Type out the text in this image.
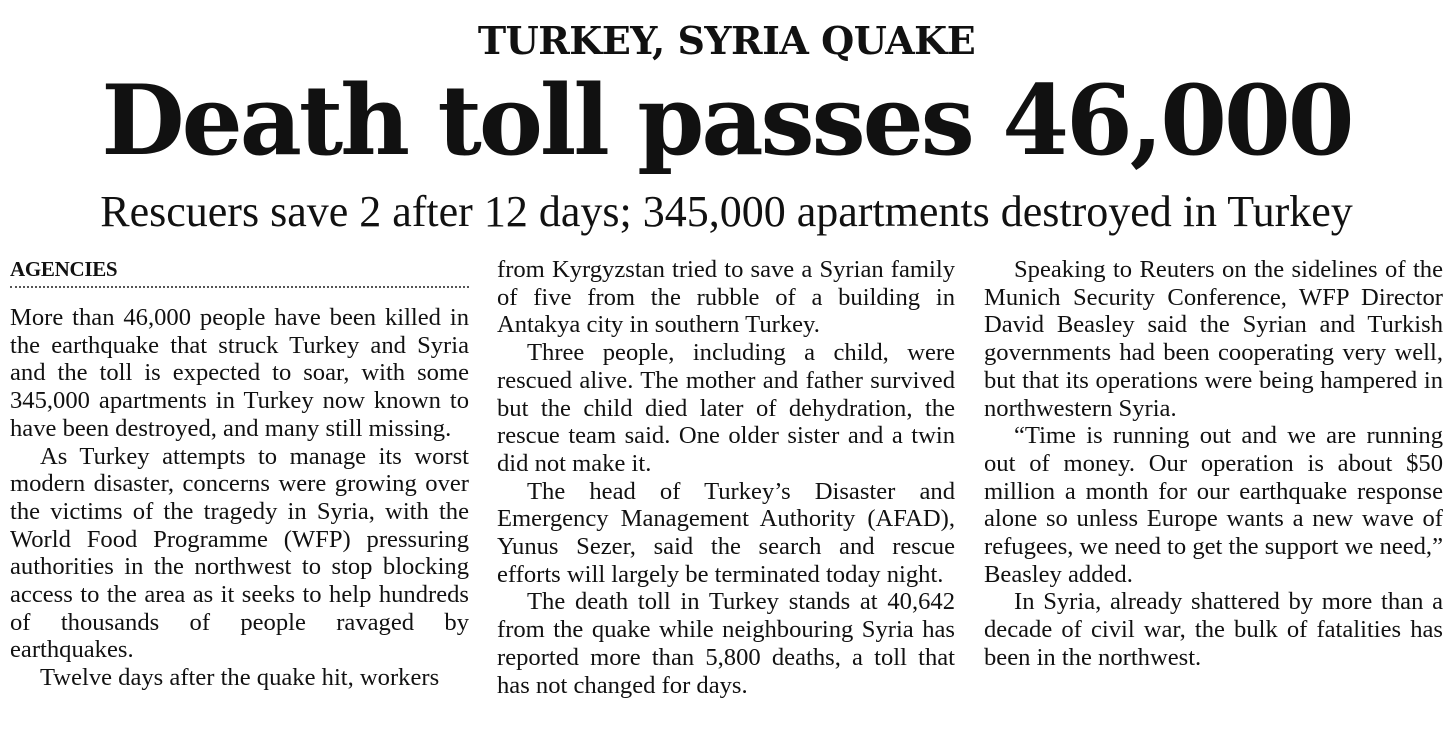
TURKEY, SYRIA QUAKE
Death toll passes 46,000
Rescuers save 2 after 12 days; 345,000 apartments destroyed in Turkey
AGENCIES

More than 46,000 people have been killed in the earthquake that struck Turkey and Syria and the toll is expected to soar, with some 345,000 apartments in Turkey now known to have been destroyed, and many still missing.

As Turkey attempts to manage its worst modern disaster, concerns were growing over the victims of the tragedy in Syria, with the World Food Programme (WFP) pressuring authorities in the northwest to stop blocking access to the area as it seeks to help hundreds of thousands of people ravaged by earthquakes.

Twelve days after the quake hit, workers

from Kyrgyzstan tried to save a Syrian family of five from the rubble of a building in Antakya city in southern Turkey.

Three people, including a child, were rescued alive. The mother and father survived but the child died later of dehydration, the rescue team said. One older sister and a twin did not make it.

The head of Turkey’s Disaster and Emergency Management Authority (AFAD), Yunus Sezer, said the search and rescue efforts will largely be terminated today night.

The death toll in Turkey stands at 40,642 from the quake while neighbouring Syria has reported more than 5,800 deaths, a toll that has not changed for days.

Speaking to Reuters on the sidelines of the Munich Security Conference, WFP Director David Beasley said the Syrian and Turkish governments had been cooperating very well, but that its operations were being hampered in northwestern Syria.

“Time is running out and we are running out of money. Our operation is about $50 million a month for our earthquake response alone so unless Europe wants a new wave of refugees, we need to get the support we need,” Beasley added.

In Syria, already shattered by more than a decade of civil war, the bulk of fatalities has been in the northwest.
